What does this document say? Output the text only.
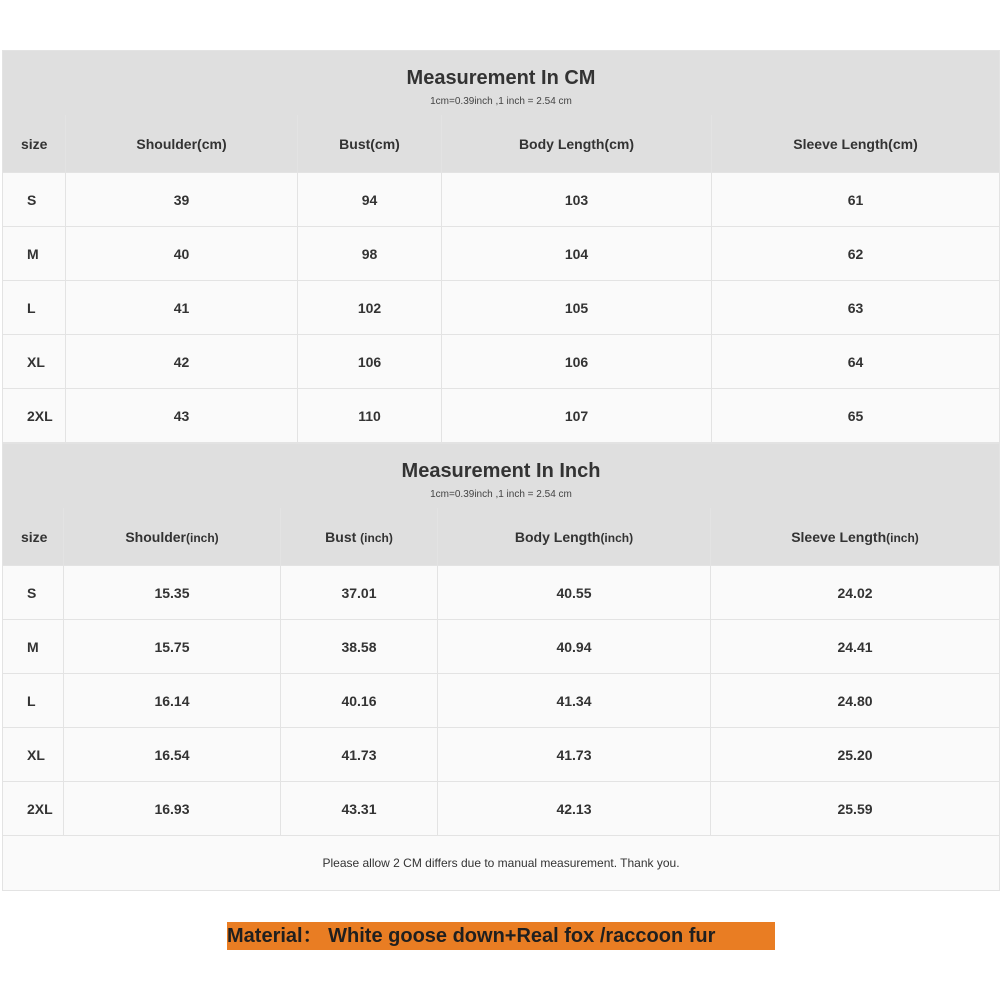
Measurement In CM
1cm=0.39inch ,1 inch = 2.54 cm				

size	Shoulder(cm)	Bust(cm)	Body Length(cm)	Sleeve Length(cm)
S	39	94	103	61
M	40	98	104	62
L	41	102	105	63
XL	42	106	106	64
2XL	43	110	107	65
Measurement In Inch
1cm=0.39inch ,1 inch = 2.54 cm				

size	Shoulder(inch)	Bust (inch)	Body Length(inch)	Sleeve Length(inch)
S	15.35	37.01	40.55	24.02
M	15.75	38.58	40.94	24.41
L	16.14	40.16	41.34	24.80
XL	16.54	41.73	41.73	25.20
2XL	16.93	43.31	42.13	25.59
Please allow 2 CM differs due to manual measurement. Thank you.				
Material： White goose down+Real fox /raccoon fur
